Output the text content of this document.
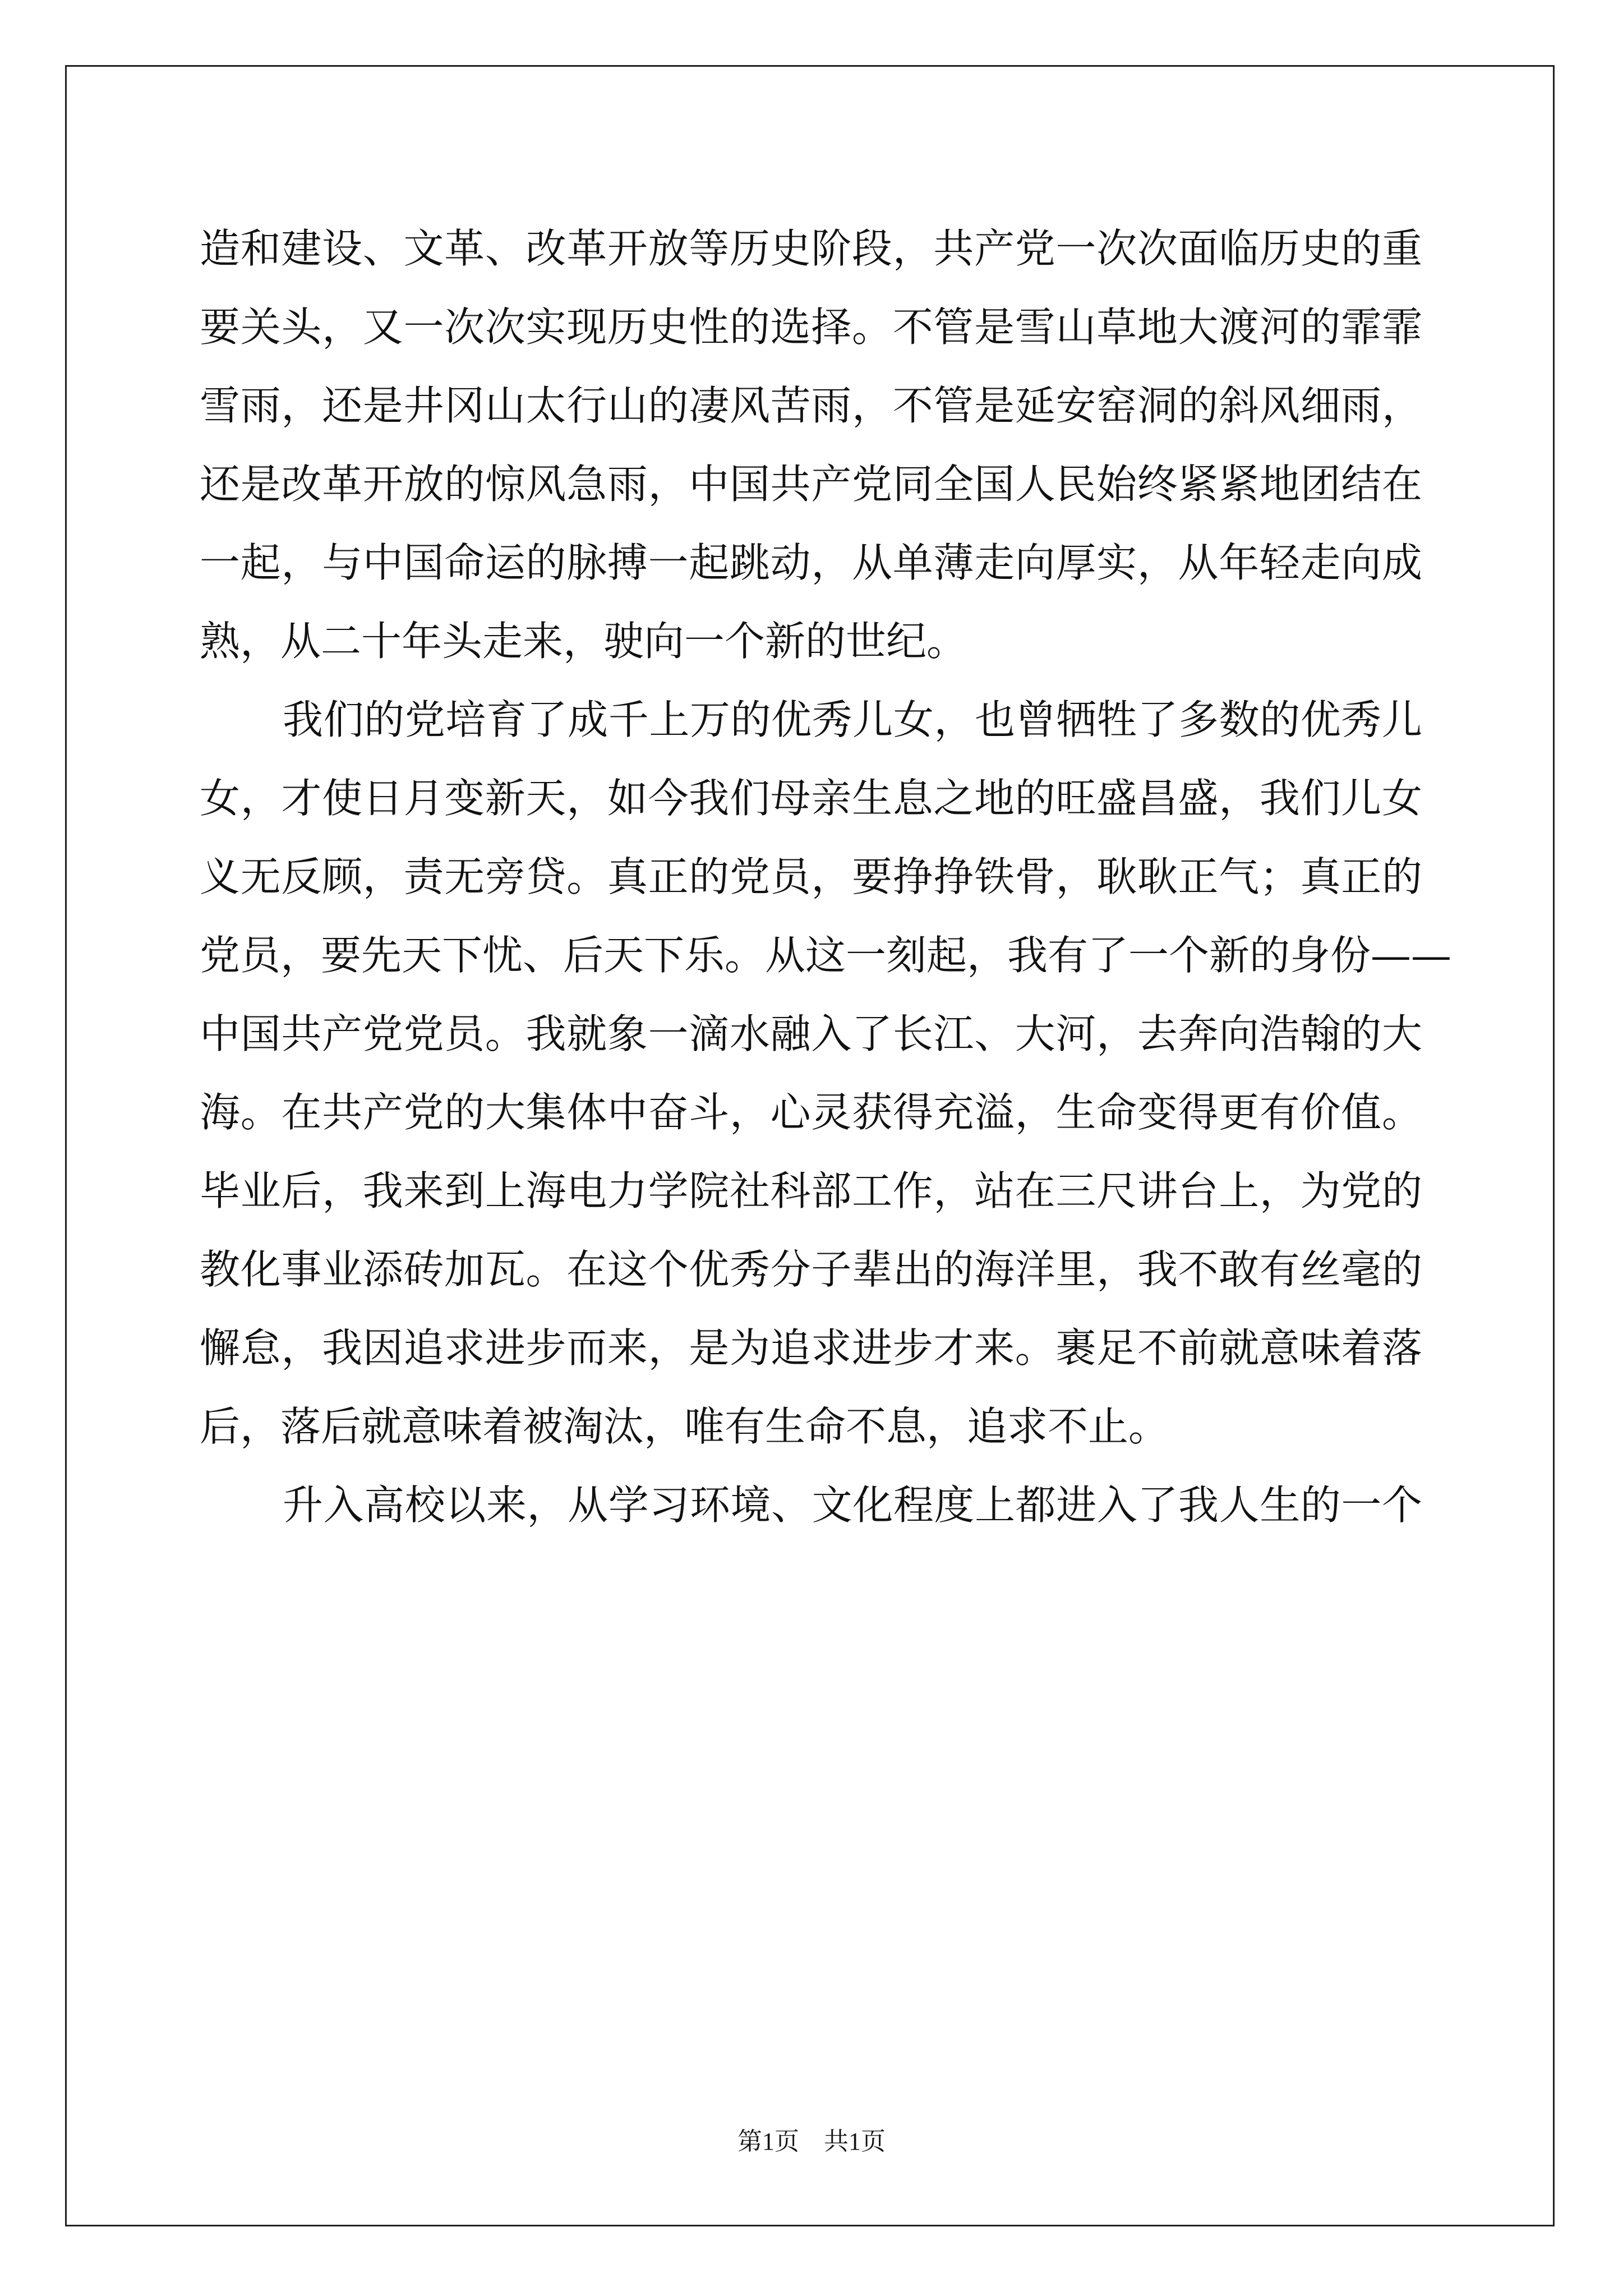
造和建设、文革、改革开放等历史阶段，共产党一次次面临历史的重
要关头，又一次次实现历史性的选择。不管是雪山草地大渡河的霏霏
雪雨，还是井冈山太行山的凄风苦雨，不管是延安窑洞的斜风细雨，
还是改革开放的惊风急雨，中国共产党同全国人民始终紧紧地团结在
一起，与中国命运的脉搏一起跳动，从单薄走向厚实，从年轻走向成
熟，从二十年头走来，驶向一个新的世纪。
我们的党培育了成千上万的优秀儿女，也曾牺牲了多数的优秀儿
女，才使日月变新天，如今我们母亲生息之地的旺盛昌盛，我们儿女
义无反顾，责无旁贷。真正的党员，要挣挣铁骨，耿耿正气；真正的
党员，要先天下忧、后天下乐。从这一刻起，我有了一个新的身份——
中国共产党党员。我就象一滴水融入了长江、大河，去奔向浩翰的大
海。在共产党的大集体中奋斗，心灵获得充溢，生命变得更有价值。
毕业后，我来到上海电力学院社科部工作，站在三尺讲台上，为党的
教化事业添砖加瓦。在这个优秀分子辈出的海洋里，我不敢有丝毫的
懈怠，我因追求进步而来，是为追求进步才来。裹足不前就意味着落
后，落后就意味着被淘汰，唯有生命不息，追求不止。
升入高校以来，从学习环境、文化程度上都进入了我人生的一个
第1页　共1页
